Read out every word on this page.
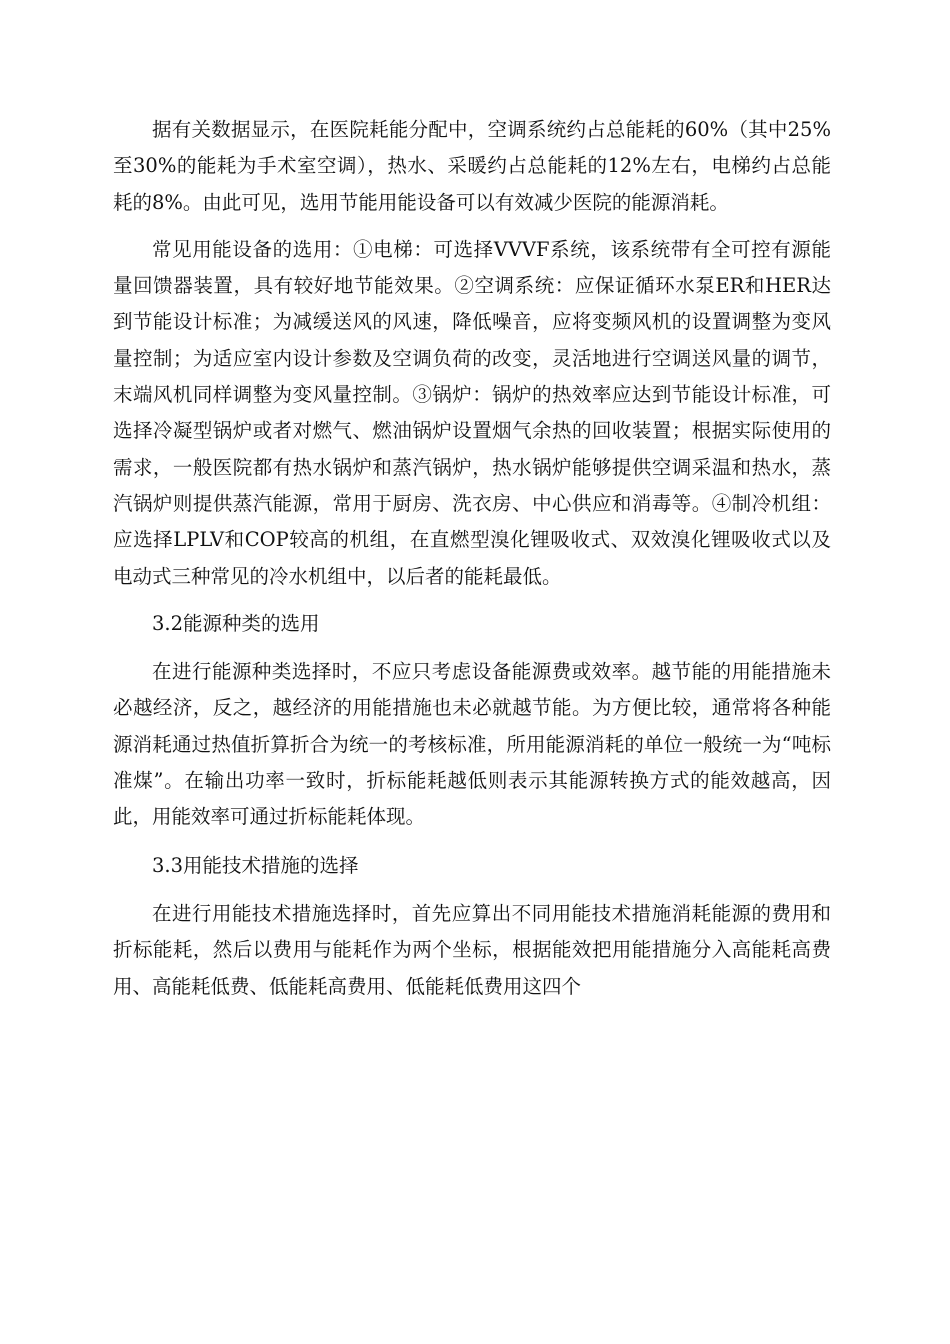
据有关数据显示，在医院耗能分配中，空调系统约占总能耗的60%（其中25%至30%的能耗为手术室空调），热水、采暖约占总能耗的12%左右，电梯约占总能耗的8%。由此可见，选用节能用能设备可以有效减少医院的能源消耗。

常见用能设备的选用：①电梯：可选择VVVF系统，该系统带有全可控有源能量回馈器装置，具有较好地节能效果。②空调系统：应保证循环水泵ER和HER达到节能设计标准；为减缓送风的风速，降低噪音，应将变频风机的设置调整为变风量控制；为适应室内设计参数及空调负荷的改变，灵活地进行空调送风量的调节，末端风机同样调整为变风量控制。③锅炉：锅炉的热效率应达到节能设计标准，可选择冷凝型锅炉或者对燃气、燃油锅炉设置烟气余热的回收装置；根据实际使用的需求，一般医院都有热水锅炉和蒸汽锅炉，热水锅炉能够提供空调采温和热水，蒸汽锅炉则提供蒸汽能源，常用于厨房、洗衣房、中心供应和消毒等。④制冷机组：应选择LPLV和COP较高的机组，在直燃型溴化锂吸收式、双效溴化锂吸收式以及电动式三种常见的冷水机组中，以后者的能耗最低。

3.2能源种类的选用

在进行能源种类选择时，不应只考虑设备能源费或效率。越节能的用能措施未必越经济，反之，越经济的用能措施也未必就越节能。为方便比较，通常将各种能源消耗通过热值折算折合为统一的考核标准，所用能源消耗的单位一般统一为“吨标准煤”。在输出功率一致时，折标能耗越低则表示其能源转换方式的能效越高，因此，用能效率可通过折标能耗体现。

3.3用能技术措施的选择

在进行用能技术措施选择时，首先应算出不同用能技术措施消耗能源的费用和折标能耗，然后以费用与能耗作为两个坐标，根据能效把用能措施分入高能耗高费用、高能耗低费、低能耗高费用、低能耗低费用这四个
